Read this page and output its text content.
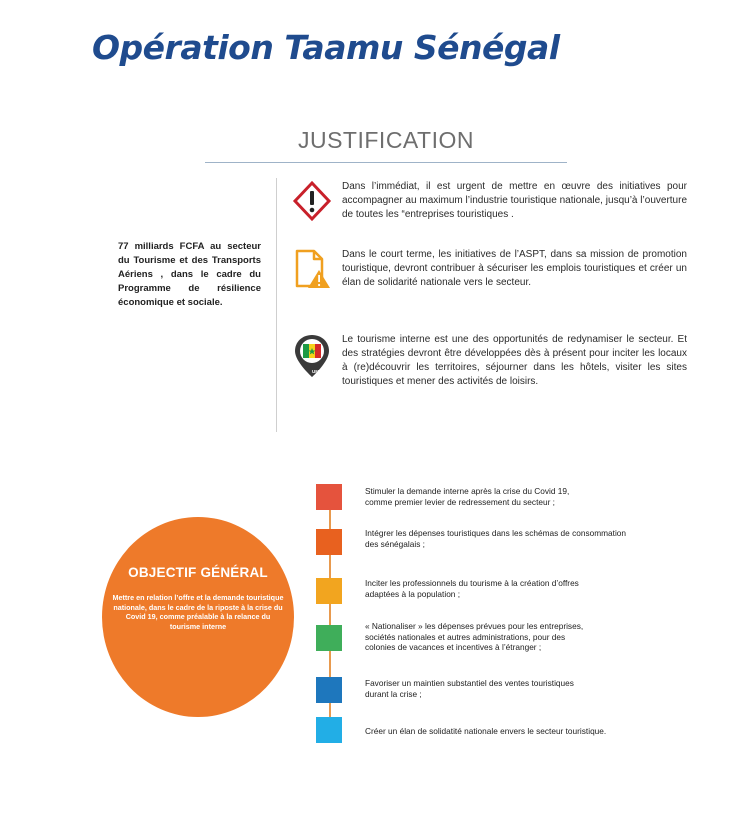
Opération Taamu Sénégal
JUSTIFICATION
77 milliards FCFA au secteur du Tourisme et des Transports Aériens , dans le cadre du Programme de résilience économique et sociale.
Dans l’immédiat, il est urgent de mettre en œuvre des initiatives pour accompagner au maximum l’industrie touristique nationale, jusqu’à l’ouverture de toutes les “entreprises touristiques .
Dans le court terme, les initiatives de l’ASPT, dans sa mission de promotion touristique, devront contribuer à sécuriser les emplois touristiques et créer un élan de solidarité nationale vers le secteur.
UMSA
Le tourisme interne est une des opportunités de redynamiser le secteur. Et des stratégies devront être développées dès à présent pour inciter les locaux à (re)découvrir les territoires, séjourner dans les hôtels, visiter les sites touristiques et mener des activités de loisirs.
OBJECTIF GÉNÉRAL
Mettre en relation l’offre et la demande touristique nationale, dans le cadre de la riposte à la crise du Covid 19, comme préalable à la relance du tourisme interne
Stimuler la demande interne après la crise du Covid 19,
comme premier levier de redressement du secteur ;
Intégrer les dépenses touristiques dans les schémas de consommation
des sénégalais ;
Inciter les professionnels du tourisme à la création d’offres
adaptées à la population ;
« Nationaliser » les dépenses prévues pour les entreprises,
sociétés nationales et autres administrations, pour des
colonies de vacances et incentives à l’étranger ;
Favoriser un maintien substantiel des ventes touristiques
durant la crise ;
Créer un élan de solidatité nationale envers le secteur touristique.
